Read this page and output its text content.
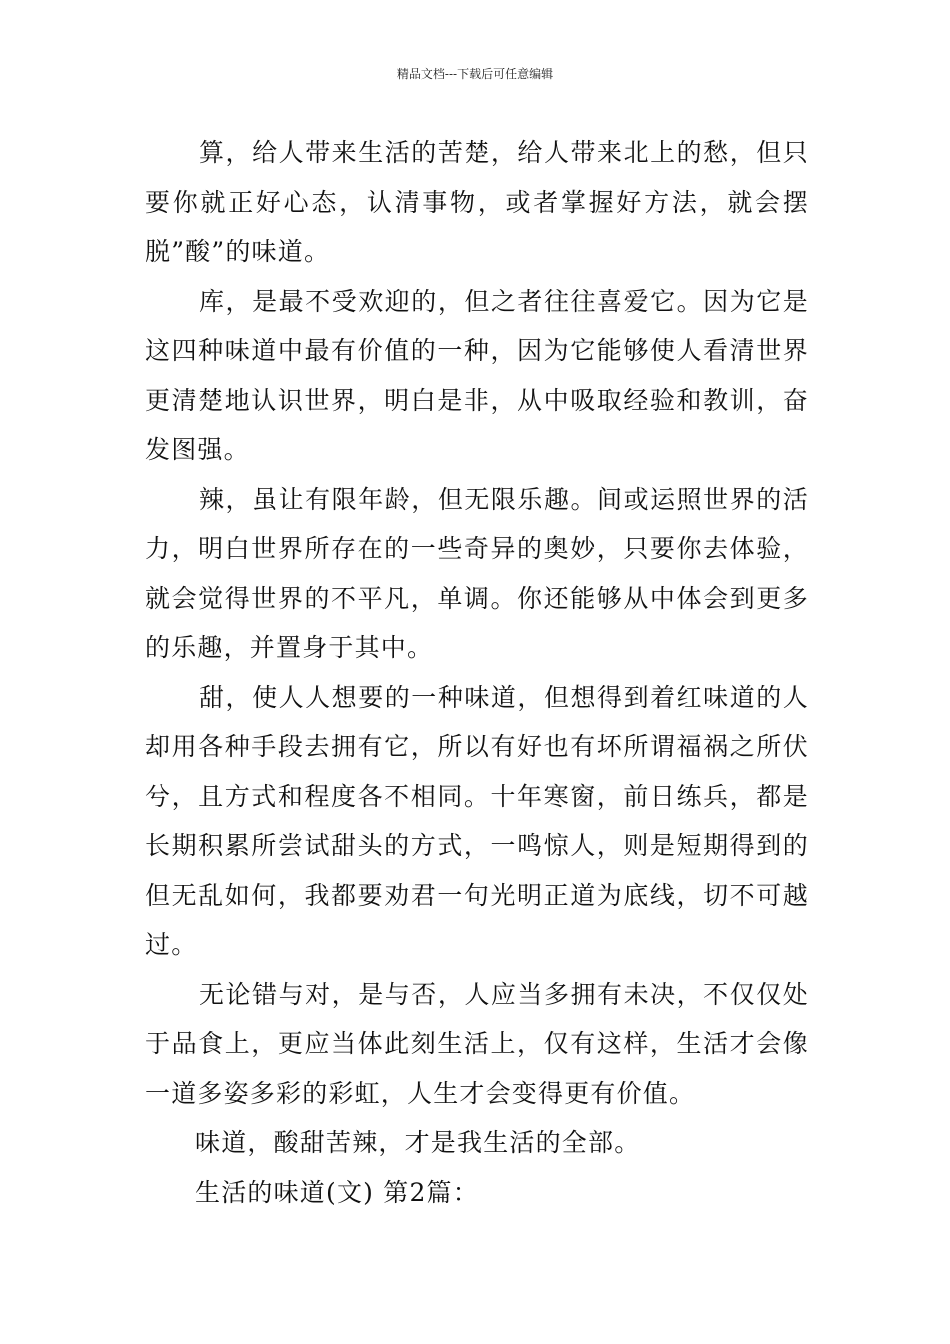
精品文档---下载后可任意编辑

算，给人带来生活的苦楚，给人带来北上的愁，但只要你就正好心态，认清事物，或者掌握好方法，就会摆脱”酸”的味道。

库，是最不受欢迎的，但之者往往喜爱它。因为它是这四种味道中最有价值的一种，因为它能够使人看清世界更清楚地认识世界，明白是非，从中吸取经验和教训，奋发图强。

辣，虽让有限年龄，但无限乐趣。间或运照世界的活力，明白世界所存在的一些奇异的奥妙，只要你去体验，就会觉得世界的不平凡，单调。你还能够从中体会到更多的乐趣，并置身于其中。

甜，使人人想要的一种味道，但想得到着红味道的人却用各种手段去拥有它，所以有好也有坏所谓福祸之所伏兮，且方式和程度各不相同。十年寒窗，前日练兵，都是长期积累所尝试甜头的方式，一鸣惊人，则是短期得到的但无乱如何，我都要劝君一句光明正道为底线，切不可越过。

无论错与对，是与否，人应当多拥有未决，不仅仅处于品食上，更应当体此刻生活上，仅有这样，生活才会像一道多姿多彩的彩虹，人生才会变得更有价值。

味道，酸甜苦辣，才是我生活的全部。

生活的味道(文) 第2篇：
